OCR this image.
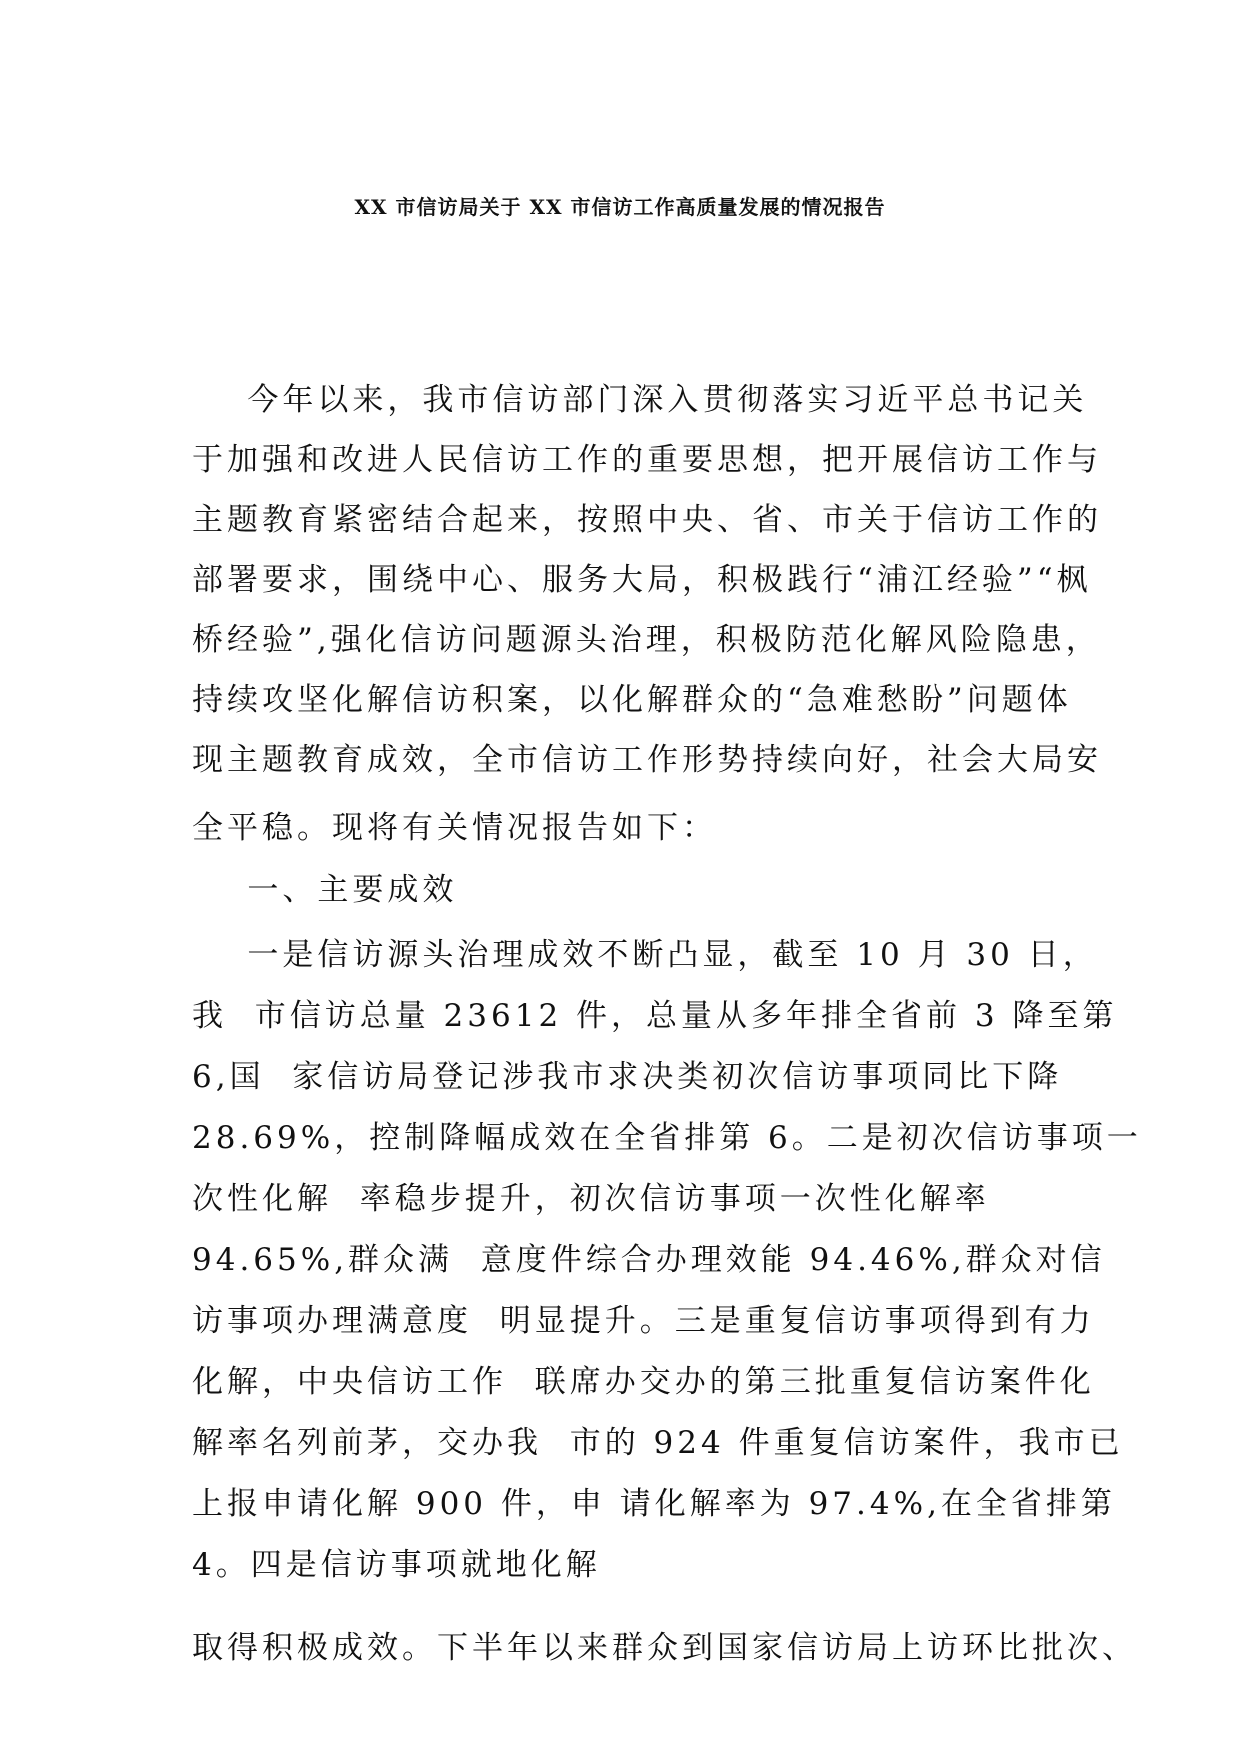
XX 市信访局关于 XX 市信访工作高质量发展的情况报告
今年以来，我市信访部门深入贯彻落实习近平总书记关
于加强和改进人民信访工作的重要思想，把开展信访工作与
主题教育紧密结合起来，按照中央、省、市关于信访工作的
部署要求，围绕中心、服务大局，积极践行“浦江经验”“枫
桥经验”,强化信访问题源头治理，积极防范化解风险隐患，
持续攻坚化解信访积案，以化解群众的“急难愁盼”问题体
现主题教育成效，全市信访工作形势持续向好，社会大局安
全平稳。现将有关情况报告如下：
一、主要成效
一是信访源头治理成效不断凸显，截至 10 月 30 日，
我  市信访总量 23612 件，总量从多年排全省前 3 降至第
6,国  家信访局登记涉我市求决类初次信访事项同比下降
28.69%，控制降幅成效在全省排第 6。二是初次信访事项一
次性化解  率稳步提升，初次信访事项一次性化解率
94.65%,群众满  意度件综合办理效能 94.46%,群众对信
访事项办理满意度  明显提升。三是重复信访事项得到有力
化解，中央信访工作  联席办交办的第三批重复信访案件化
解率名列前茅，交办我  市的 924 件重复信访案件，我市已
上报申请化解 900 件，申 请化解率为 97.4%,在全省排第
4。四是信访事项就地化解
取得积极成效。下半年以来群众到国家信访局上访环比批次、
